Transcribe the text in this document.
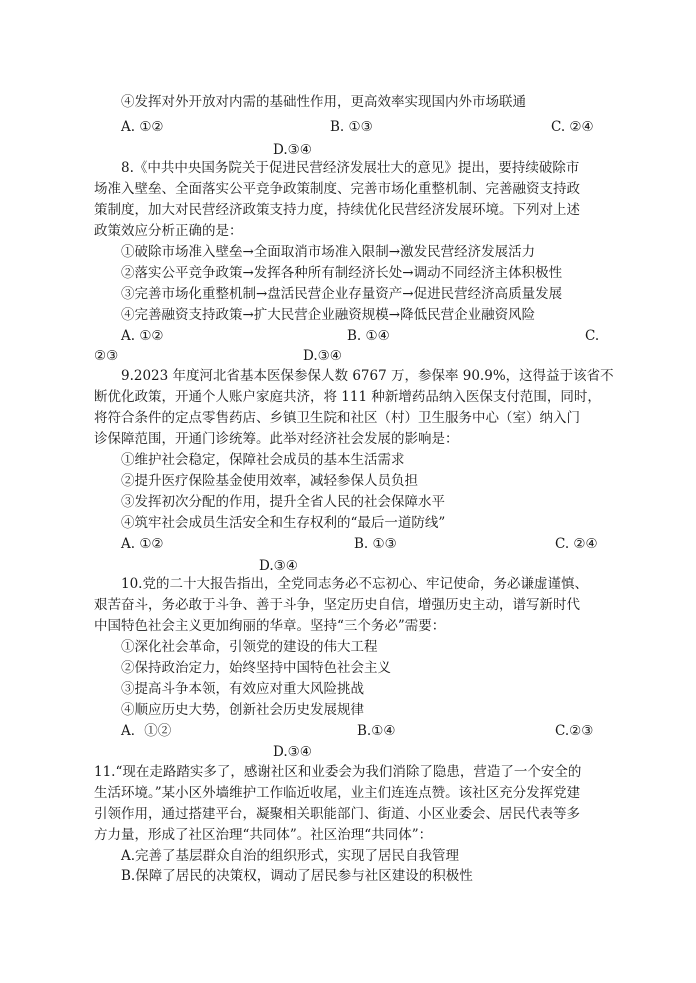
④发挥对外开放对内需的基础性作用，更高效率实现国内外市场联通
A. ①②	B. ①③	C. ②④
D.③④
8.《中共中央国务院关于促进民营经济发展壮大的意见》提出，要持续破除市
场准入壁垒、全面落实公平竞争政策制度、完善市场化重整机制、完善融资支持政
策制度，加大对民营经济政策支持力度，持续优化民营经济发展环境。下列对上述
政策效应分析正确的是：
①破除市场准入壁垒→全面取消市场准入限制→激发民营经济发展活力
②落实公平竞争政策→发挥各种所有制经济长处→调动不同经济主体积极性
③完善市场化重整机制→盘活民营企业存量资产→促进民营经济高质量发展
④完善融资支持政策→扩大民营企业融资规模→降低民营企业融资风险
A. ①②	B. ①④	C.
②③	D.③④
9.2023 年度河北省基本医保参保人数 6767 万，参保率 90.9%，这得益于该省不
断优化政策，开通个人账户家庭共济，将 111 种新增药品纳入医保支付范围，同时，
将符合条件的定点零售药店、乡镇卫生院和社区（村）卫生服务中心（室）纳入门
诊保障范围，开通门诊统筹。此举对经济社会发展的影响是：
①维护社会稳定，保障社会成员的基本生活需求
②提升医疗保险基金使用效率，减轻参保人员负担
③发挥初次分配的作用，提升全省人民的社会保障水平
④筑牢社会成员生活安全和生存权利的“最后一道防线”
A. ①②	B. ①③	C. ②④
D.③④
10.党的二十大报告指出，全党同志务必不忘初心、牢记使命，务必谦虚谨慎、
艰苦奋斗，务必敢于斗争、善于斗争，坚定历史自信，增强历史主动，谱写新时代
中国特色社会主义更加绚丽的华章。坚持“三个务必”需要：
①深化社会革命，引领党的建设的伟大工程
②保持政治定力，始终坚持中国特色社会主义
③提高斗争本领，有效应对重大风险挑战
④顺应历史大势，创新社会历史发展规律
A．①②	B.①④	C.②③
D.③④
11.“现在走路踏实多了，感谢社区和业委会为我们消除了隐患，营造了一个安全的
生活环境。”某小区外墙维护工作临近收尾，业主们连连点赞。该社区充分发挥党建
引领作用，通过搭建平台，凝聚相关职能部门、街道、小区业委会、居民代表等多
方力量，形成了社区治理“共同体”。社区治理“共同体”：
A.完善了基层群众自治的组织形式，实现了居民自我管理
B.保障了居民的决策权，调动了居民参与社区建设的积极性
